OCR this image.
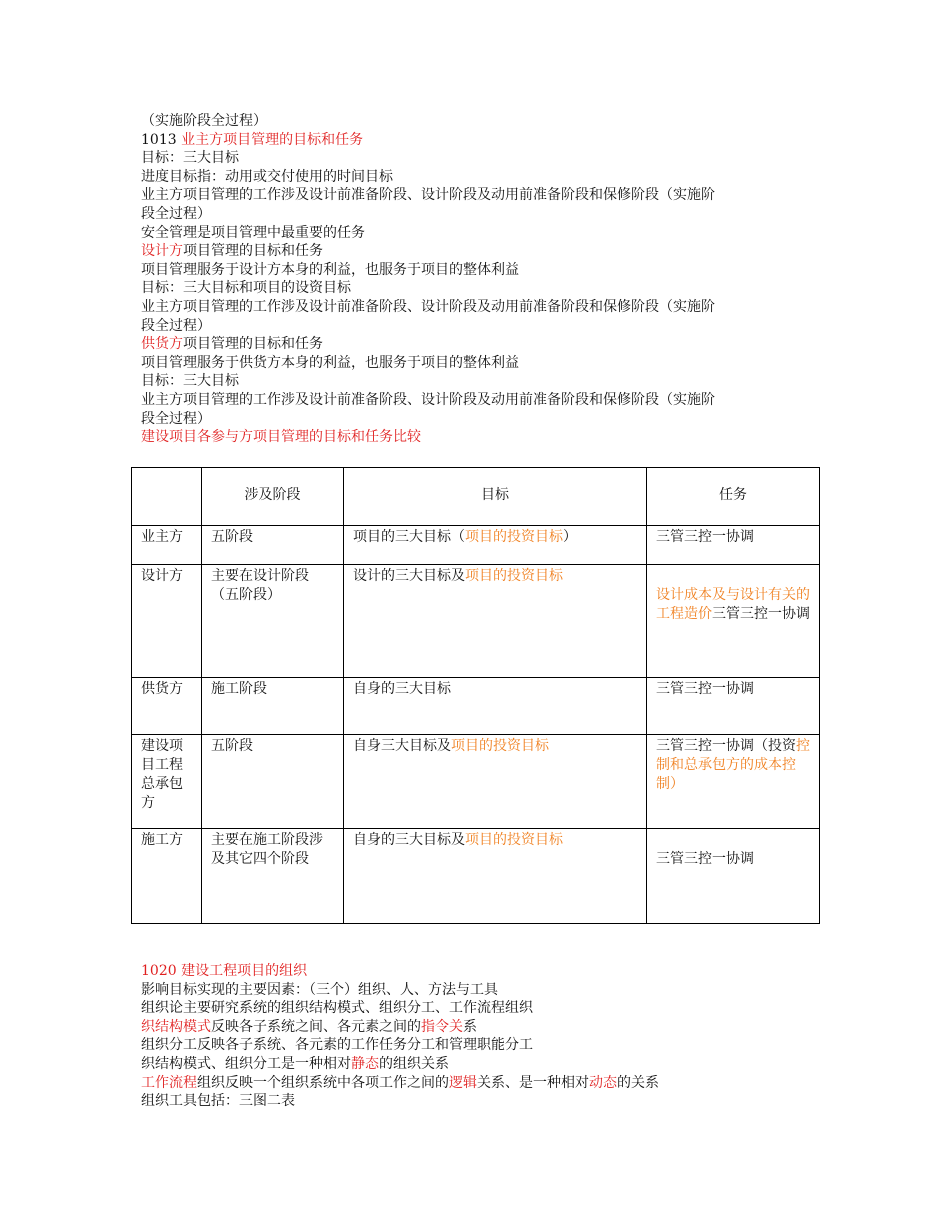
（实施阶段全过程）

1013 业主方项目管理的目标和任务

目标：三大目标

进度目标指：动用或交付使用的时间目标

业主方项目管理的工作涉及设计前准备阶段、设计阶段及动用前准备阶段和保修阶段（实施阶

段全过程）

安全管理是项目管理中最重要的任务

设计方项目管理的目标和任务

项目管理服务于设计方本身的利益，也服务于项目的整体利益

目标：三大目标和项目的设资目标

业主方项目管理的工作涉及设计前准备阶段、设计阶段及动用前准备阶段和保修阶段（实施阶

段全过程）

供货方项目管理的目标和任务

项目管理服务于供货方本身的利益，也服务于项目的整体利益

目标：三大目标

业主方项目管理的工作涉及设计前准备阶段、设计阶段及动用前准备阶段和保修阶段（实施阶

段全过程）

建设项目各参与方项目管理的目标和任务比较

	涉及阶段	目标	任务
业主方	五阶段	项目的三大目标（项目的投资目标）	三管三控一协调
设计方	主要在设计阶段（五阶段）	设计的三大目标及项目的投资目标	设计成本及与设计有关的工程造价三管三控一协调

供货方	施工阶段	自身的三大目标	三管三控一协调
建设项目工程总承包方	五阶段	自身三大目标及项目的投资目标	三管三控一协调（投资控制和总承包方的成本控制）
施工方	主要在施工阶段涉及其它四个阶段	自身的三大目标及项目的投资目标	三管三控一协调

1020 建设工程项目的组织

影响目标实现的主要因素：（三个）组织、人、方法与工具

组织论主要研究系统的组织结构模式、组织分工、工作流程组织

织结构模式反映各子系统之间、各元素之间的指令关系

组织分工反映各子系统、各元素的工作任务分工和管理职能分工

织结构模式、组织分工是一种相对静态的组织关系

工作流程组织反映一个组织系统中各项工作之间的逻辑关系、是一种相对动态的关系

组织工具包括：三图二表
